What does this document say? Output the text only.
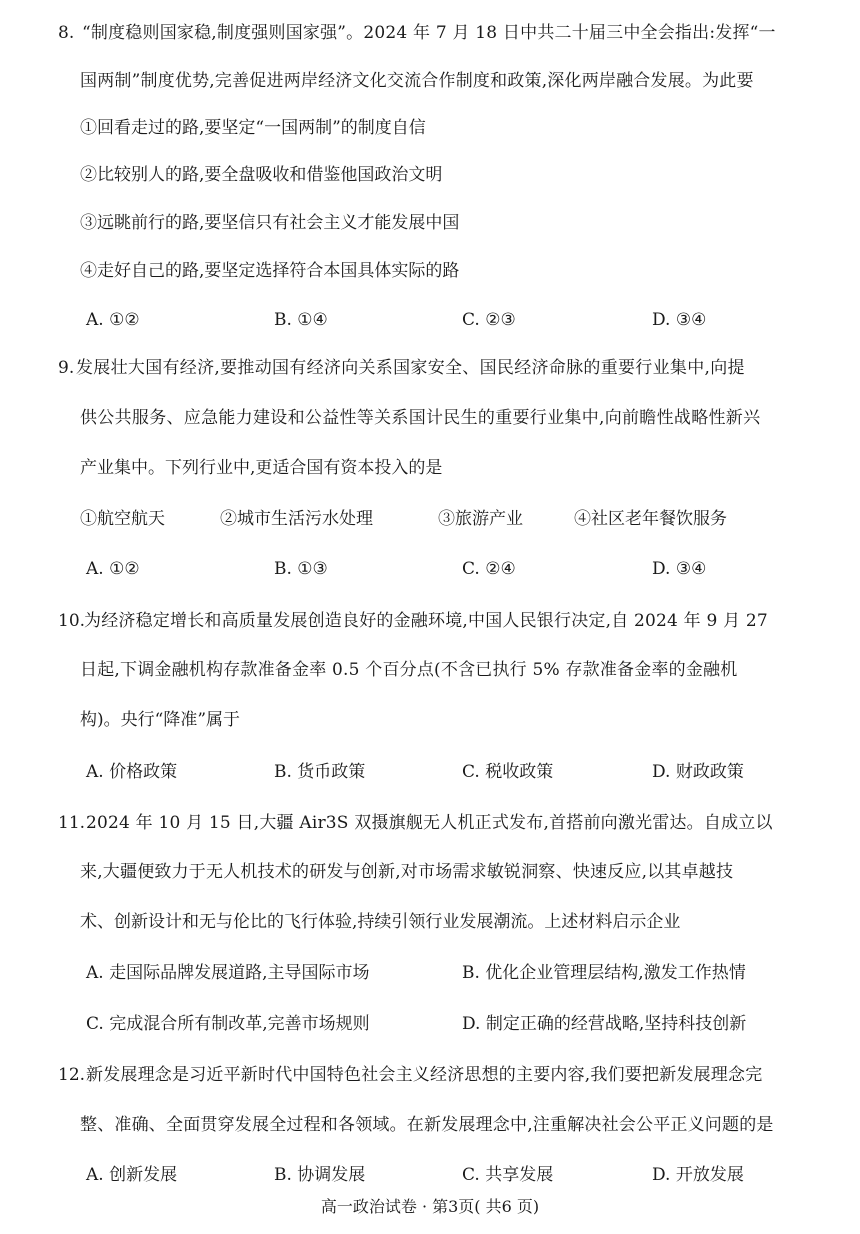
8. “制度稳则国家稳,制度强则国家强”。2024 年 7 月 18 日中共二十届三中全会指出:发挥“一
国两制”制度优势,完善促进两岸经济文化交流合作制度和政策,深化两岸融合发展。为此要
①回看走过的路,要坚定“一国两制”的制度自信
②比较别人的路,要全盘吸收和借鉴他国政治文明
③远眺前行的路,要坚信只有社会主义才能发展中国
④走好自己的路,要坚定选择符合本国具体实际的路
A. ①②	B. ①④	C. ②③	D. ③④
9. 发展壮大国有经济,要推动国有经济向关系国家安全、国民经济命脉的重要行业集中,向提
供公共服务、应急能力建设和公益性等关系国计民生的重要行业集中,向前瞻性战略性新兴
产业集中。下列行业中,更适合国有资本投入的是
①航空航天	②城市生活污水处理	③旅游产业	④社区老年餐饮服务
A. ①②	B. ①③	C. ②④	D. ③④
10.
为经济稳定增长和高质量发展创造良好的金融环境,中国人民银行决定,自 2024 年 9 月 27
日起,下调金融机构存款准备金率 0.5 个百分点(不含已执行 5% 存款准备金率的金融机
构)。央行“降准”属于
A. 价格政策	B. 货币政策	C. 税收政策	D. 财政政策
11. 2024 年 10 月 15 日,大疆 Air3S 双摄旗舰无人机正式发布,首搭前向激光雷达。自成立以
来,大疆便致力于无人机技术的研发与创新,对市场需求敏锐洞察、快速反应,以其卓越技
术、创新设计和无与伦比的飞行体验,持续引领行业发展潮流。上述材料启示企业
A. 走国际品牌发展道路,主导国际市场	B. 优化企业管理层结构,激发工作热情
C. 完成混合所有制改革,完善市场规则	D. 制定正确的经营战略,坚持科技创新
12. 新发展理念是习近平新时代中国特色社会主义经济思想的主要内容,我们要把新发展理念完
整、准确、全面贯穿发展全过程和各领域。在新发展理念中,注重解决社会公平正义问题的是
A. 创新发展	B. 协调发展	C. 共享发展	D. 开放发展
高一政治试卷 · 第3页( 共6 页)
